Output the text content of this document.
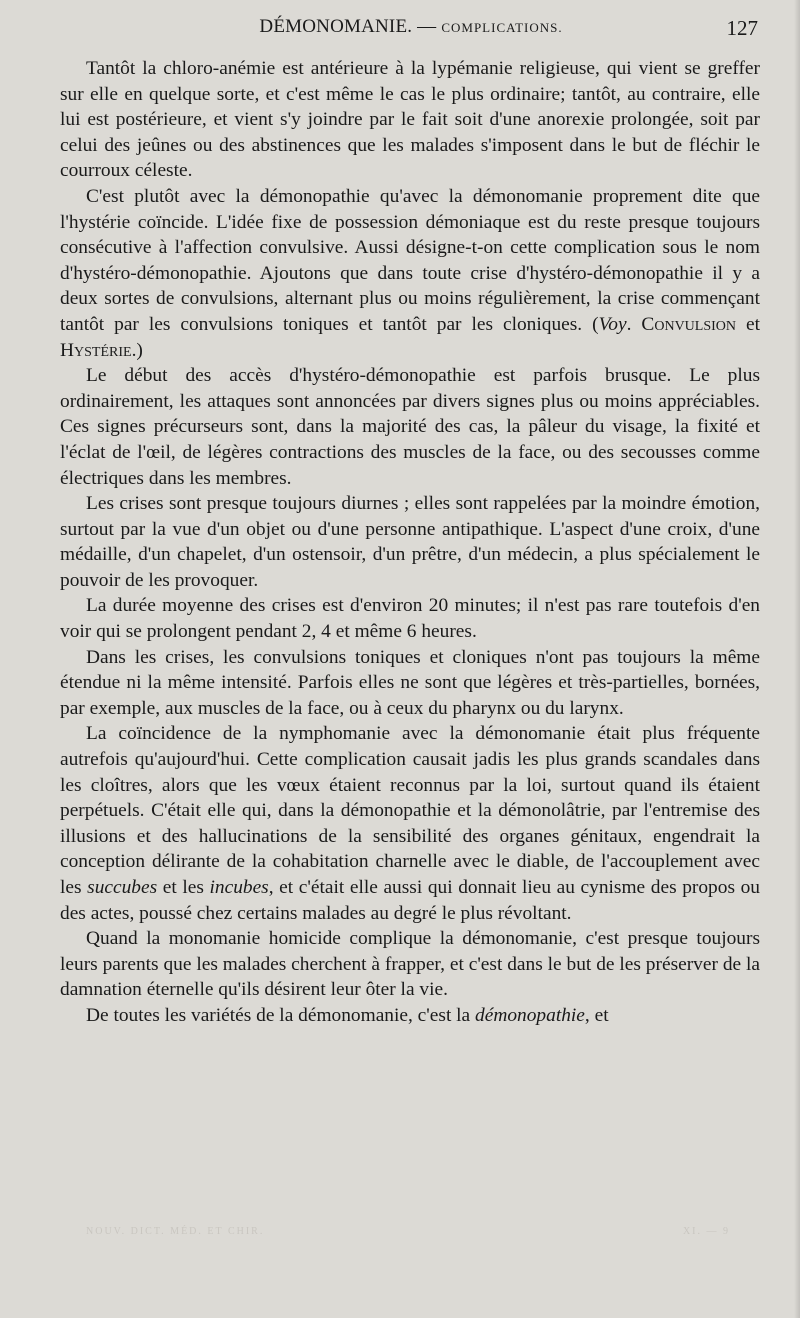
DÉMONOMANIE. — COMPLICATIONS.	127

Tantôt la chloro-anémie est antérieure à la lypémanie religieuse, qui vient se greffer sur elle en quelque sorte, et c'est même le cas le plus ordinaire; tantôt, au contraire, elle lui est postérieure, et vient s'y joindre par le fait soit d'une anorexie prolongée, soit par celui des jeûnes ou des abstinences que les malades s'imposent dans le but de fléchir le courroux céleste.

C'est plutôt avec la démonopathie qu'avec la démonomanie proprement dite que l'hystérie coïncide. L'idée fixe de possession démoniaque est du reste presque toujours consécutive à l'affection convulsive. Aussi désigne-t-on cette complication sous le nom d'hystéro-démonopathie. Ajoutons que dans toute crise d'hystéro-démonopathie il y a deux sortes de convulsions, alternant plus ou moins régulièrement, la crise commençant tantôt par les convulsions toniques et tantôt par les cloniques. (Voy. Convulsion et Hystérie.)

Le début des accès d'hystéro-démonopathie est parfois brusque. Le plus ordinairement, les attaques sont annoncées par divers signes plus ou moins appréciables. Ces signes précurseurs sont, dans la majorité des cas, la pâleur du visage, la fixité et l'éclat de l'œil, de légères contractions des muscles de la face, ou des secousses comme électriques dans les membres.

Les crises sont presque toujours diurnes ; elles sont rappelées par la moindre émotion, surtout par la vue d'un objet ou d'une personne antipathique. L'aspect d'une croix, d'une médaille, d'un chapelet, d'un ostensoir, d'un prêtre, d'un médecin, a plus spécialement le pouvoir de les provoquer.

La durée moyenne des crises est d'environ 20 minutes; il n'est pas rare toutefois d'en voir qui se prolongent pendant 2, 4 et même 6 heures.

Dans les crises, les convulsions toniques et cloniques n'ont pas toujours la même étendue ni la même intensité. Parfois elles ne sont que légères et très-partielles, bornées, par exemple, aux muscles de la face, ou à ceux du pharynx ou du larynx.

La coïncidence de la nymphomanie avec la démonomanie était plus fréquente autrefois qu'aujourd'hui. Cette complication causait jadis les plus grands scandales dans les cloîtres, alors que les vœux étaient reconnus par la loi, surtout quand ils étaient perpétuels. C'était elle qui, dans la démonopathie et la démonolâtrie, par l'entremise des illusions et des hallucinations de la sensibilité des organes génitaux, engendrait la conception délirante de la cohabitation charnelle avec le diable, de l'accouplement avec les succubes et les incubes, et c'était elle aussi qui donnait lieu au cynisme des propos ou des actes, poussé chez certains malades au degré le plus révoltant.

Quand la monomanie homicide complique la démonomanie, c'est presque toujours leurs parents que les malades cherchent à frapper, et c'est dans le but de les préserver de la damnation éternelle qu'ils désirent leur ôter la vie.

De toutes les variétés de la démonomanie, c'est la démonopathie, et

NOUV. DICT. MÉD. ET CHIR.	XI. — 9
